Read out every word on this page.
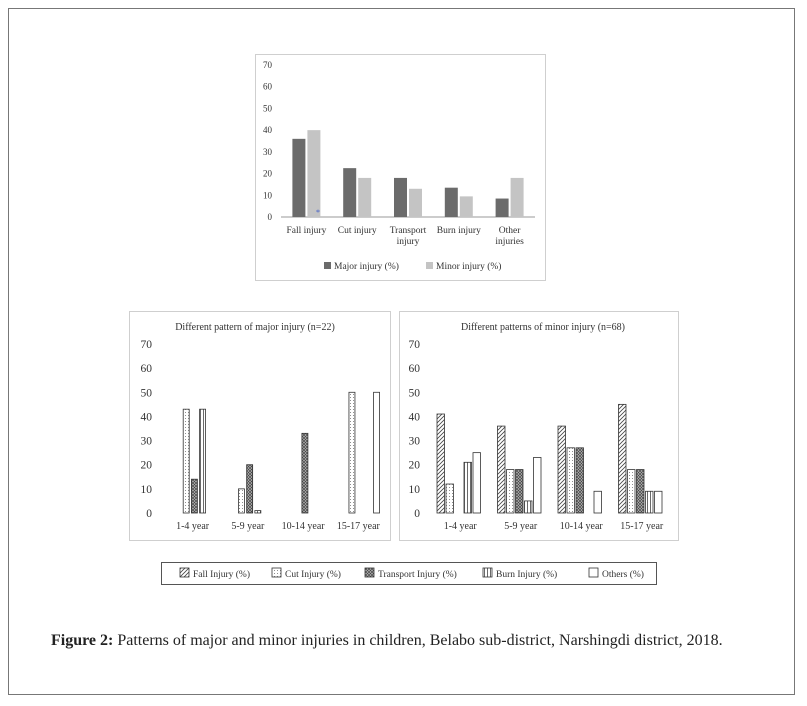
0
10
20
30
40
50
60
70
Fall injury Cut injury Transport
injury
Burn injury Other
injuries
*
Major injury (%)	Minor injury (%)
Different pattern of major injury (n=22)
0
10
20
30
40
50
60
70
1-4 year 5-9 year 10-14 year 15-17 year
Different patterns of minor injury (n=68)
0
10
20
30
40
50
60
70
1-4 year	5-9 year 10-14 year 15-17 year
Fall Injury (%)	Cut Injury (%)	Transport Injury (%)	Burn Injury (%)	Others (%)
Figure 2: Patterns of major and minor injuries in children, Belabo sub-district, Narshingdi district, 2018.
